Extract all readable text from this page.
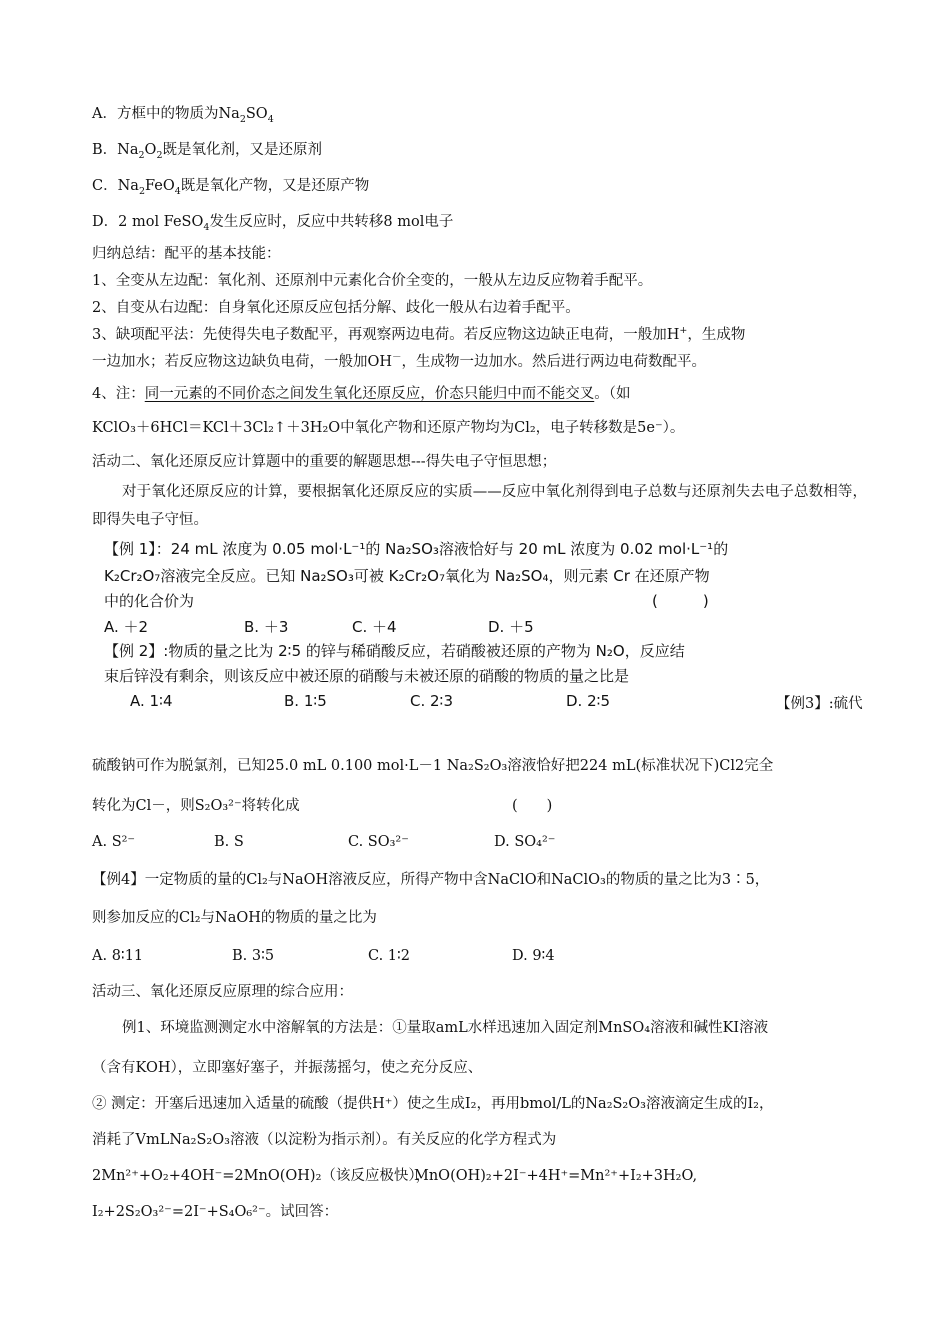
A．方框中的物质为$Na_2SO_4$
B．$Na_2O_2$既是氧化剂，又是还原剂
C．$Na_2FeO_4$既是氧化产物，又是还原产物
D．2 mol FeSO$_4$发生反应时，反应中共转移8 mol电子
归纳总结：配平的基本技能：
1、全变从左边配：氧化剂、还原剂中元素化合价全变的，一般从左边反应物着手配平。
2、自变从右边配：自身氧化还原反应包括分解、歧化一般从右边着手配平。
3、缺项配平法：先使得失电子数配平，再观察两边电荷。若反应物这边缺正电荷，一般加H+，生成物
一边加水；若反应物这边缺负电荷，一般加OH－，生成物一边加水。然后进行两边电荷数配平。
4、注：同一元素的不同价态之间发生氧化还原反应，价态只能归中而不能交叉。（如
KClO₃＋6HCl＝KCl＋3Cl₂↑＋3H₂O中氧化产物和还原产物均为Cl₂，电子转移数是5e⁻）。
活动二、氧化还原反应计算题中的重要的解题思想---得失电子守恒思想；
对于氧化还原反应的计算，要根据氧化还原反应的实质——反应中氧化剂得到电子总数与还原剂失去电子总数相等，即得失电子守恒。
【例 1】：24 mL 浓度为 0.05 mol·L⁻¹的 Na₂SO₃溶液恰好与 20 mL 浓度为 0.02 mol·L⁻¹的
K₂Cr₂O₇溶液完全反应。已知 Na₂SO₃可被 K₂Cr₂O₇氧化为 Na₂SO₄，则元素 Cr 在还原产物
中的化合价为	(　　　)
A. ＋2	B. ＋3	C. ＋4	D. ＋5
【例 2】:物质的量之比为 2∶5 的锌与稀硝酸反应，若硝酸被还原的产物为 N₂O，反应结
束后锌没有剩余，则该反应中被还原的硝酸与未被还原的硝酸的物质的量之比是
A. 1∶4	B. 1∶5	C. 2∶3	D. 2∶5	【例3】:硫代
硫酸钠可作为脱氯剂，已知25.0 mL 0.100 mol·L－1 Na₂S₂O₃溶液恰好把224 mL(标准状况下)Cl2完全
转化为Cl－，则S₂O₃²⁻将转化成	(　　)
A. S²⁻	B. S	C. SO₃²⁻	D. SO₄²⁻
【例4】一定物质的量的Cl₂与NaOH溶液反应，所得产物中含NaClO和NaClO₃的物质的量之比为3∶5，
则参加反应的Cl₂与NaOH的物质的量之比为
A. 8∶11	B. 3∶5	C. 1∶2	D. 9∶4
活动三、氧化还原反应原理的综合应用：
例1、环境监测测定水中溶解氧的方法是：①量取amL水样迅速加入固定剂MnSO₄溶液和碱性KI溶液
（含有KOH），立即塞好塞子，并振荡摇匀，使之充分反应、
② 测定：开塞后迅速加入适量的硫酸（提供H⁺）使之生成I₂，再用bmol/L的Na₂S₂O₃溶液滴定生成的I₂，
消耗了VmLNa₂S₂O₃溶液（以淀粉为指示剂）。有关反应的化学方程式为
2Mn²⁺+O₂+4OH⁻=2MnO(OH)₂（该反应极快），
MnO(OH)₂+2I⁻+4H⁺=Mn²⁺+I₂+3H₂O,
I₂+2S₂O₃²⁻=2I⁻+S₄O₆²⁻。试回答：
